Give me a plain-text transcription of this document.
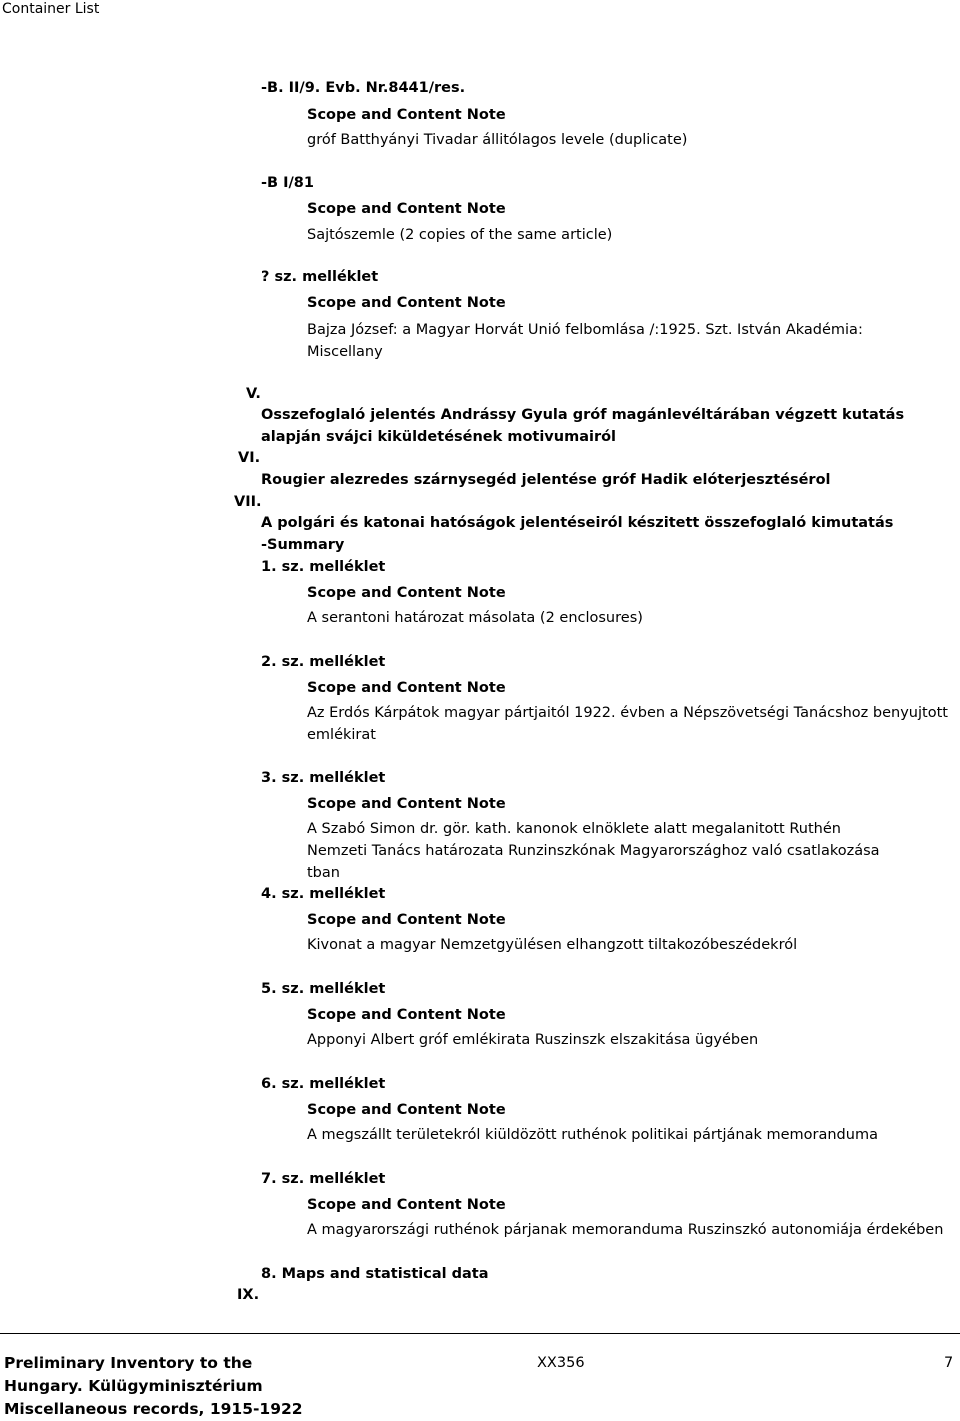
Container List
-B. II/9. Evb. Nr.8441/res.
Scope and Content Note
gróf Batthyányi Tivadar állitólagos levele (duplicate)
-B I/81
Scope and Content Note
Sajtószemle (2 copies of the same article)
? sz. melléklet
Scope and Content Note
Bajza József: a Magyar Horvát Unió felbomlása /:1925. Szt. István Akadémia: Miscellany
V.
Osszefoglaló jelentés Andrássy Gyula gróf magánlevéltárában végzett kutatás alapján svájci kiküldetésének motivumairól
VI.
Rougier alezredes szárnysegéd jelentése gróf Hadik elóterjesztésérol
VII.
A polgári és katonai hatóságok jelentéseiról készitett összefoglaló kimutatás
-Summary
1. sz. melléklet
Scope and Content Note
A serantoni határozat másolata (2 enclosures)
2. sz. melléklet
Scope and Content Note
Az Erdós Kárpátok magyar pártjaitól 1922. évben a Népszövetségi Tanácshoz benyujtott emlékirat
3. sz. melléklet
Scope and Content Note
A Szabó Simon dr. gör. kath. kanonok elnöklete alatt megalanitott Ruthén Nemzeti Tanács határozata Runzinszkónak Magyarországhoz való csatlakozása tban
4. sz. melléklet
Scope and Content Note
Kivonat a magyar Nemzetgyülésen elhangzott tiltakozóbeszédekról
5. sz. melléklet
Scope and Content Note
Apponyi Albert gróf emlékirata Ruszinszk elszakitása ügyében
6. sz. melléklet
Scope and Content Note
A megszállt területekról kiüldözött ruthénok politikai pártjának memoranduma
7. sz. melléklet
Scope and Content Note
A magyarországi ruthénok párjanak memoranduma Ruszinszkó autonomiája érdekében
8. Maps and statistical data
IX.
Preliminary Inventory to the
Hungary. Külügyminisztérium
Miscellaneous records, 1915-1922
XX356	7
